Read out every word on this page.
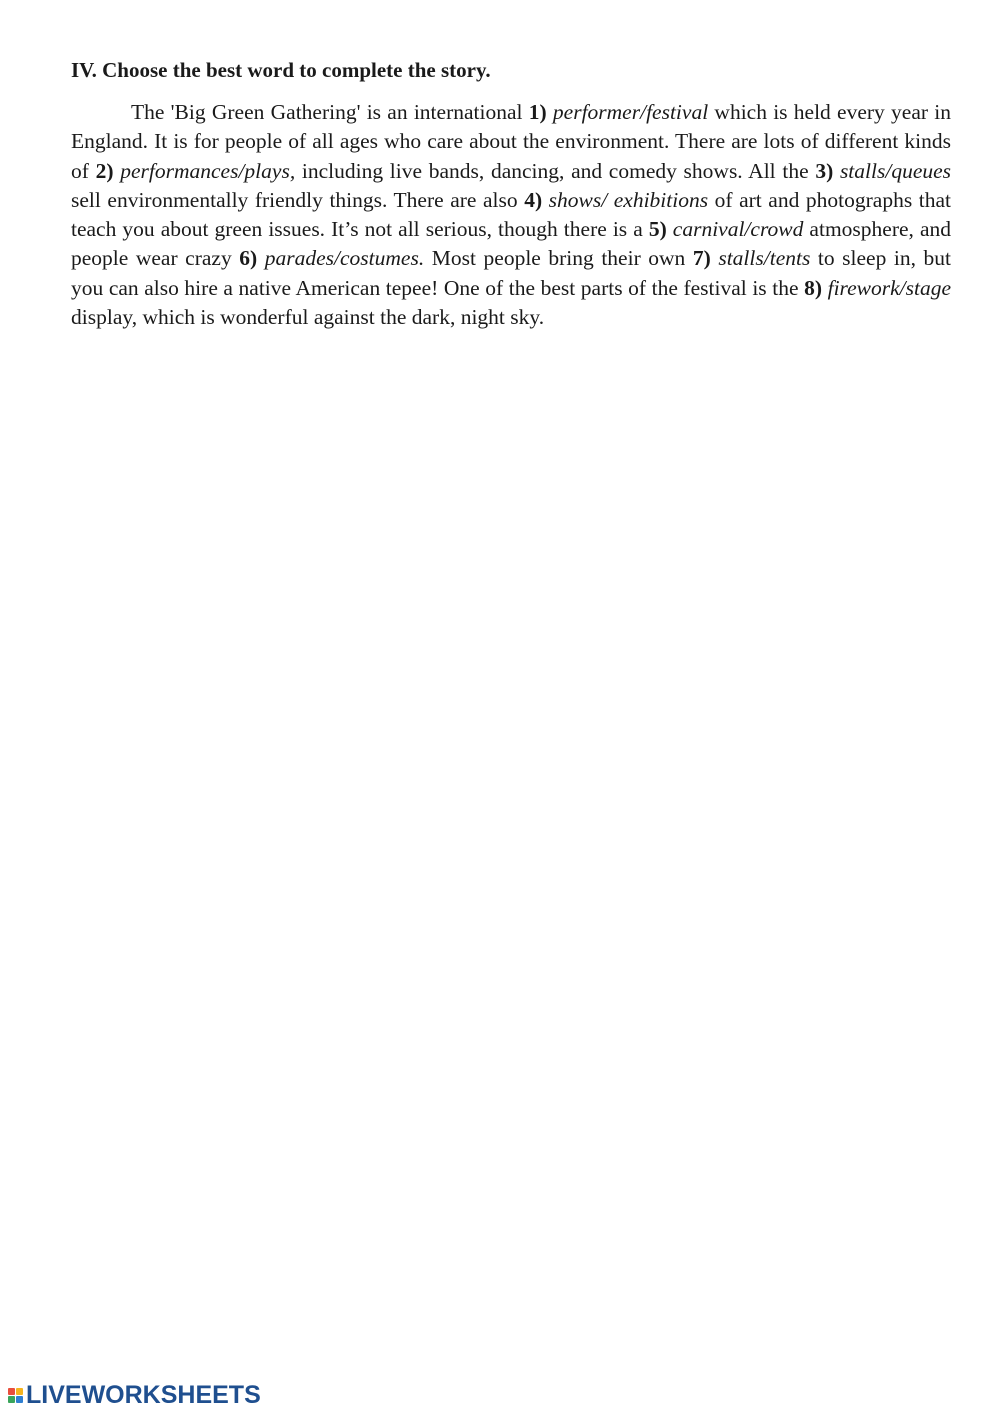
IV. Choose the best word to complete the story.

The 'Big Green Gathering' is an international 1) performer/festival which is held every year in England. It is for people of all ages who care about the environment. There are lots of different kinds of 2) performances/plays, including live bands, dancing, and comedy shows. All the 3) stalls/queues sell environmentally friendly things. There are also 4) shows/ exhibitions of art and photographs that teach you about green issues. It’s not all serious, though there is a 5) carnival/crowd atmosphere, and people wear crazy 6) parades/costumes. Most people bring their own 7) stalls/tents to sleep in, but you can also hire a native American tepee! One of the best parts of the festival is the 8) firework/stage display, which is wonderful against the dark, night sky.

LIVEWORKSHEETS
